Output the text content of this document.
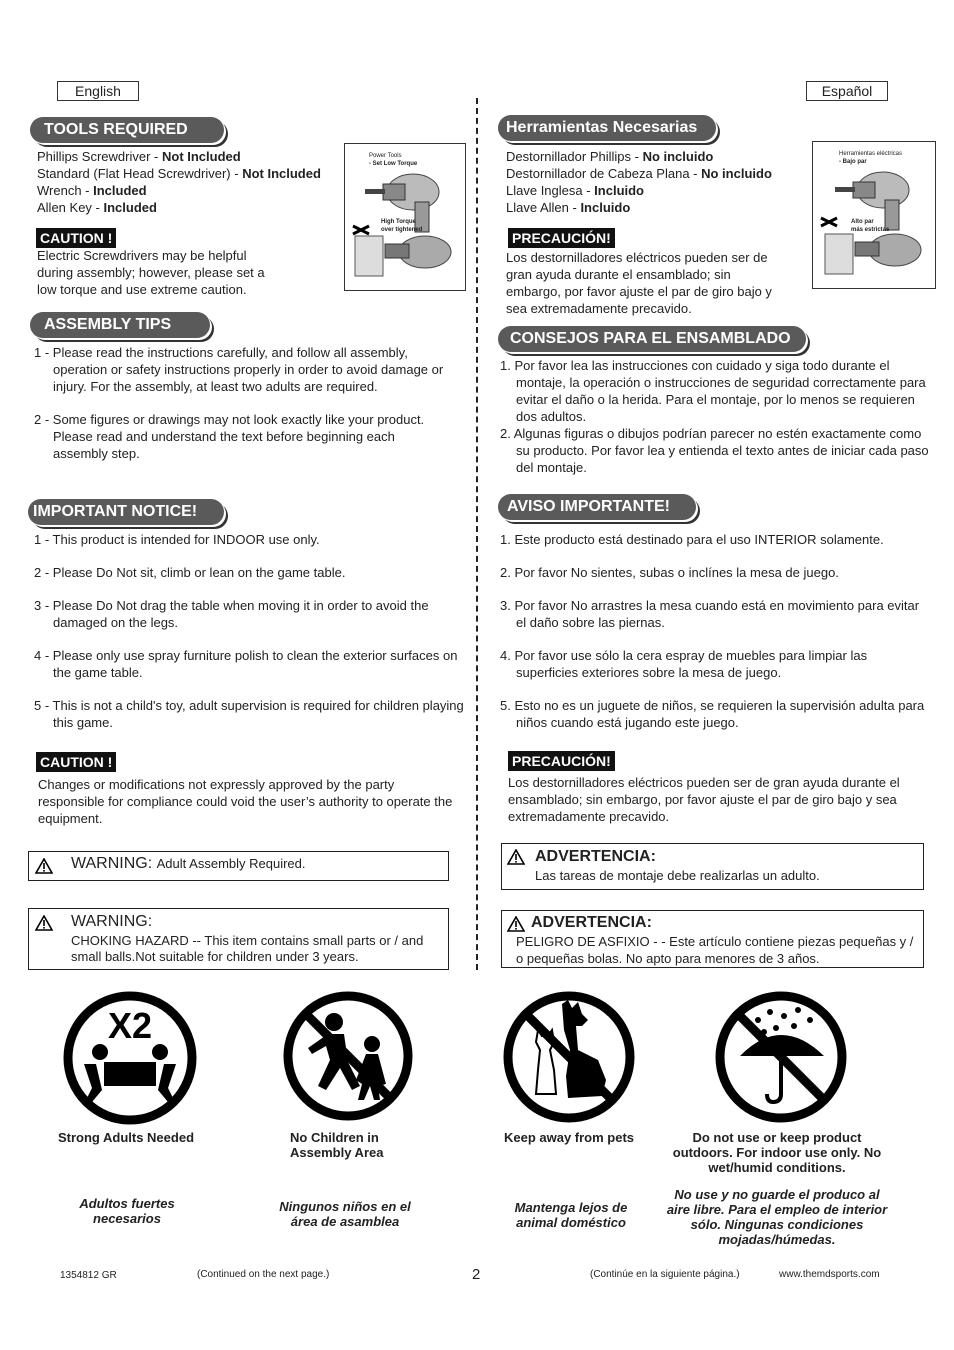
English	Español
TOOLS REQUIRED
Phillips Screwdriver - Not Included
Standard (Flat Head Screwdriver) - Not Included
Wrench - Included
Allen Key - Included
Power Tools
- Set Low Torque
High Torque
over tightened
CAUTION !
Electric Screwdrivers may be helpful during assembly; however, please set a low torque and use extreme caution.
ASSEMBLY TIPS
1 - Please read the instructions carefully, and follow all assembly, operation or safety instructions properly in order to avoid damage or injury. For the assembly, at least two adults are required.
2 - Some figures or drawings may not look exactly like your product. Please read and understand the text before beginning each assembly step.
IMPORTANT NOTICE!
1 - This product is intended for INDOOR use only.
2 - Please Do Not sit, climb or lean on the game table.
3 - Please Do Not drag the table when moving it in order to avoid the damaged on the legs.
4 - Please only use spray furniture polish to clean the exterior surfaces on the game table.
5 - This is not a child's toy, adult supervision is required for children playing this game.
CAUTION !
Changes or modifications not expressly approved by the party responsible for compliance could void the user’s authority to operate the equipment.
WARNING: Adult Assembly Required.
WARNING:
CHOKING HAZARD -- This item contains small parts or / and small balls.Not suitable for children under 3 years.
Herramientas Necesarias
Destornillador Phillips - No incluido
Destornillador de Cabeza Plana - No incluido
Llave Inglesa - Incluido
Llave Allen - Incluido
Herramientas eléctricas
- Bajo par
Alto par
más estrictas
PRECAUCIÓN!
Los destornilladores eléctricos pueden ser de gran ayuda durante el ensamblado; sin embargo, por favor ajuste el par de giro bajo y sea extremadamente precavido.
CONSEJOS PARA EL ENSAMBLADO
1. Por favor lea las instrucciones con cuidado y siga todo durante el montaje, la operación o instrucciones de seguridad correctamente para evitar el daño o la herida. Para el montaje, por lo menos se requieren dos adultos.
2. Algunas figuras o dibujos podrían parecer no estén exactamente como su producto. Por favor lea y entienda el texto antes de iniciar cada paso del montaje.
AVISO IMPORTANTE!
1. Este producto está destinado para el uso INTERIOR solamente.
2. Por favor No sientes, subas o inclínes la mesa de juego.
3. Por favor No arrastres la mesa cuando está en movimiento para evitar el daño sobre las piernas.
4. Por favor use sólo la cera espray de muebles para limpiar las superficies exteriores sobre la mesa de juego.
5. Esto no es un juguete de niños, se requieren la supervisión adulta para niños cuando está jugando este juego.
PRECAUCIÓN!
Los destornilladores eléctricos pueden ser de gran ayuda durante el ensamblado; sin embargo, por favor ajuste el par de giro bajo y sea extremadamente precavido.
ADVERTENCIA:
Las tareas de montaje debe realizarlas un adulto.
ADVERTENCIA:
PELIGRO DE ASFIXIO - - Este artículo contiene piezas pequeñas y / o pequeñas bolas. No apto para menores de 3 años.
X2
Strong Adults Needed	No Children in Assembly Area
Keep away from pets	Do not use or keep product outdoors. For indoor use only. No wet/humid conditions.
Adultos fuertes necesarios
Ningunos niños en el área de asamblea
Mantenga lejos de animal doméstico
No use y no guarde el produco al aire libre. Para el empleo de interior sólo. Ningunas condiciones mojadas/húmedas.
1354812 GR	(Continued on the next page.)	2	(Continúe en la siguiente página.)	www.themdsports.com
